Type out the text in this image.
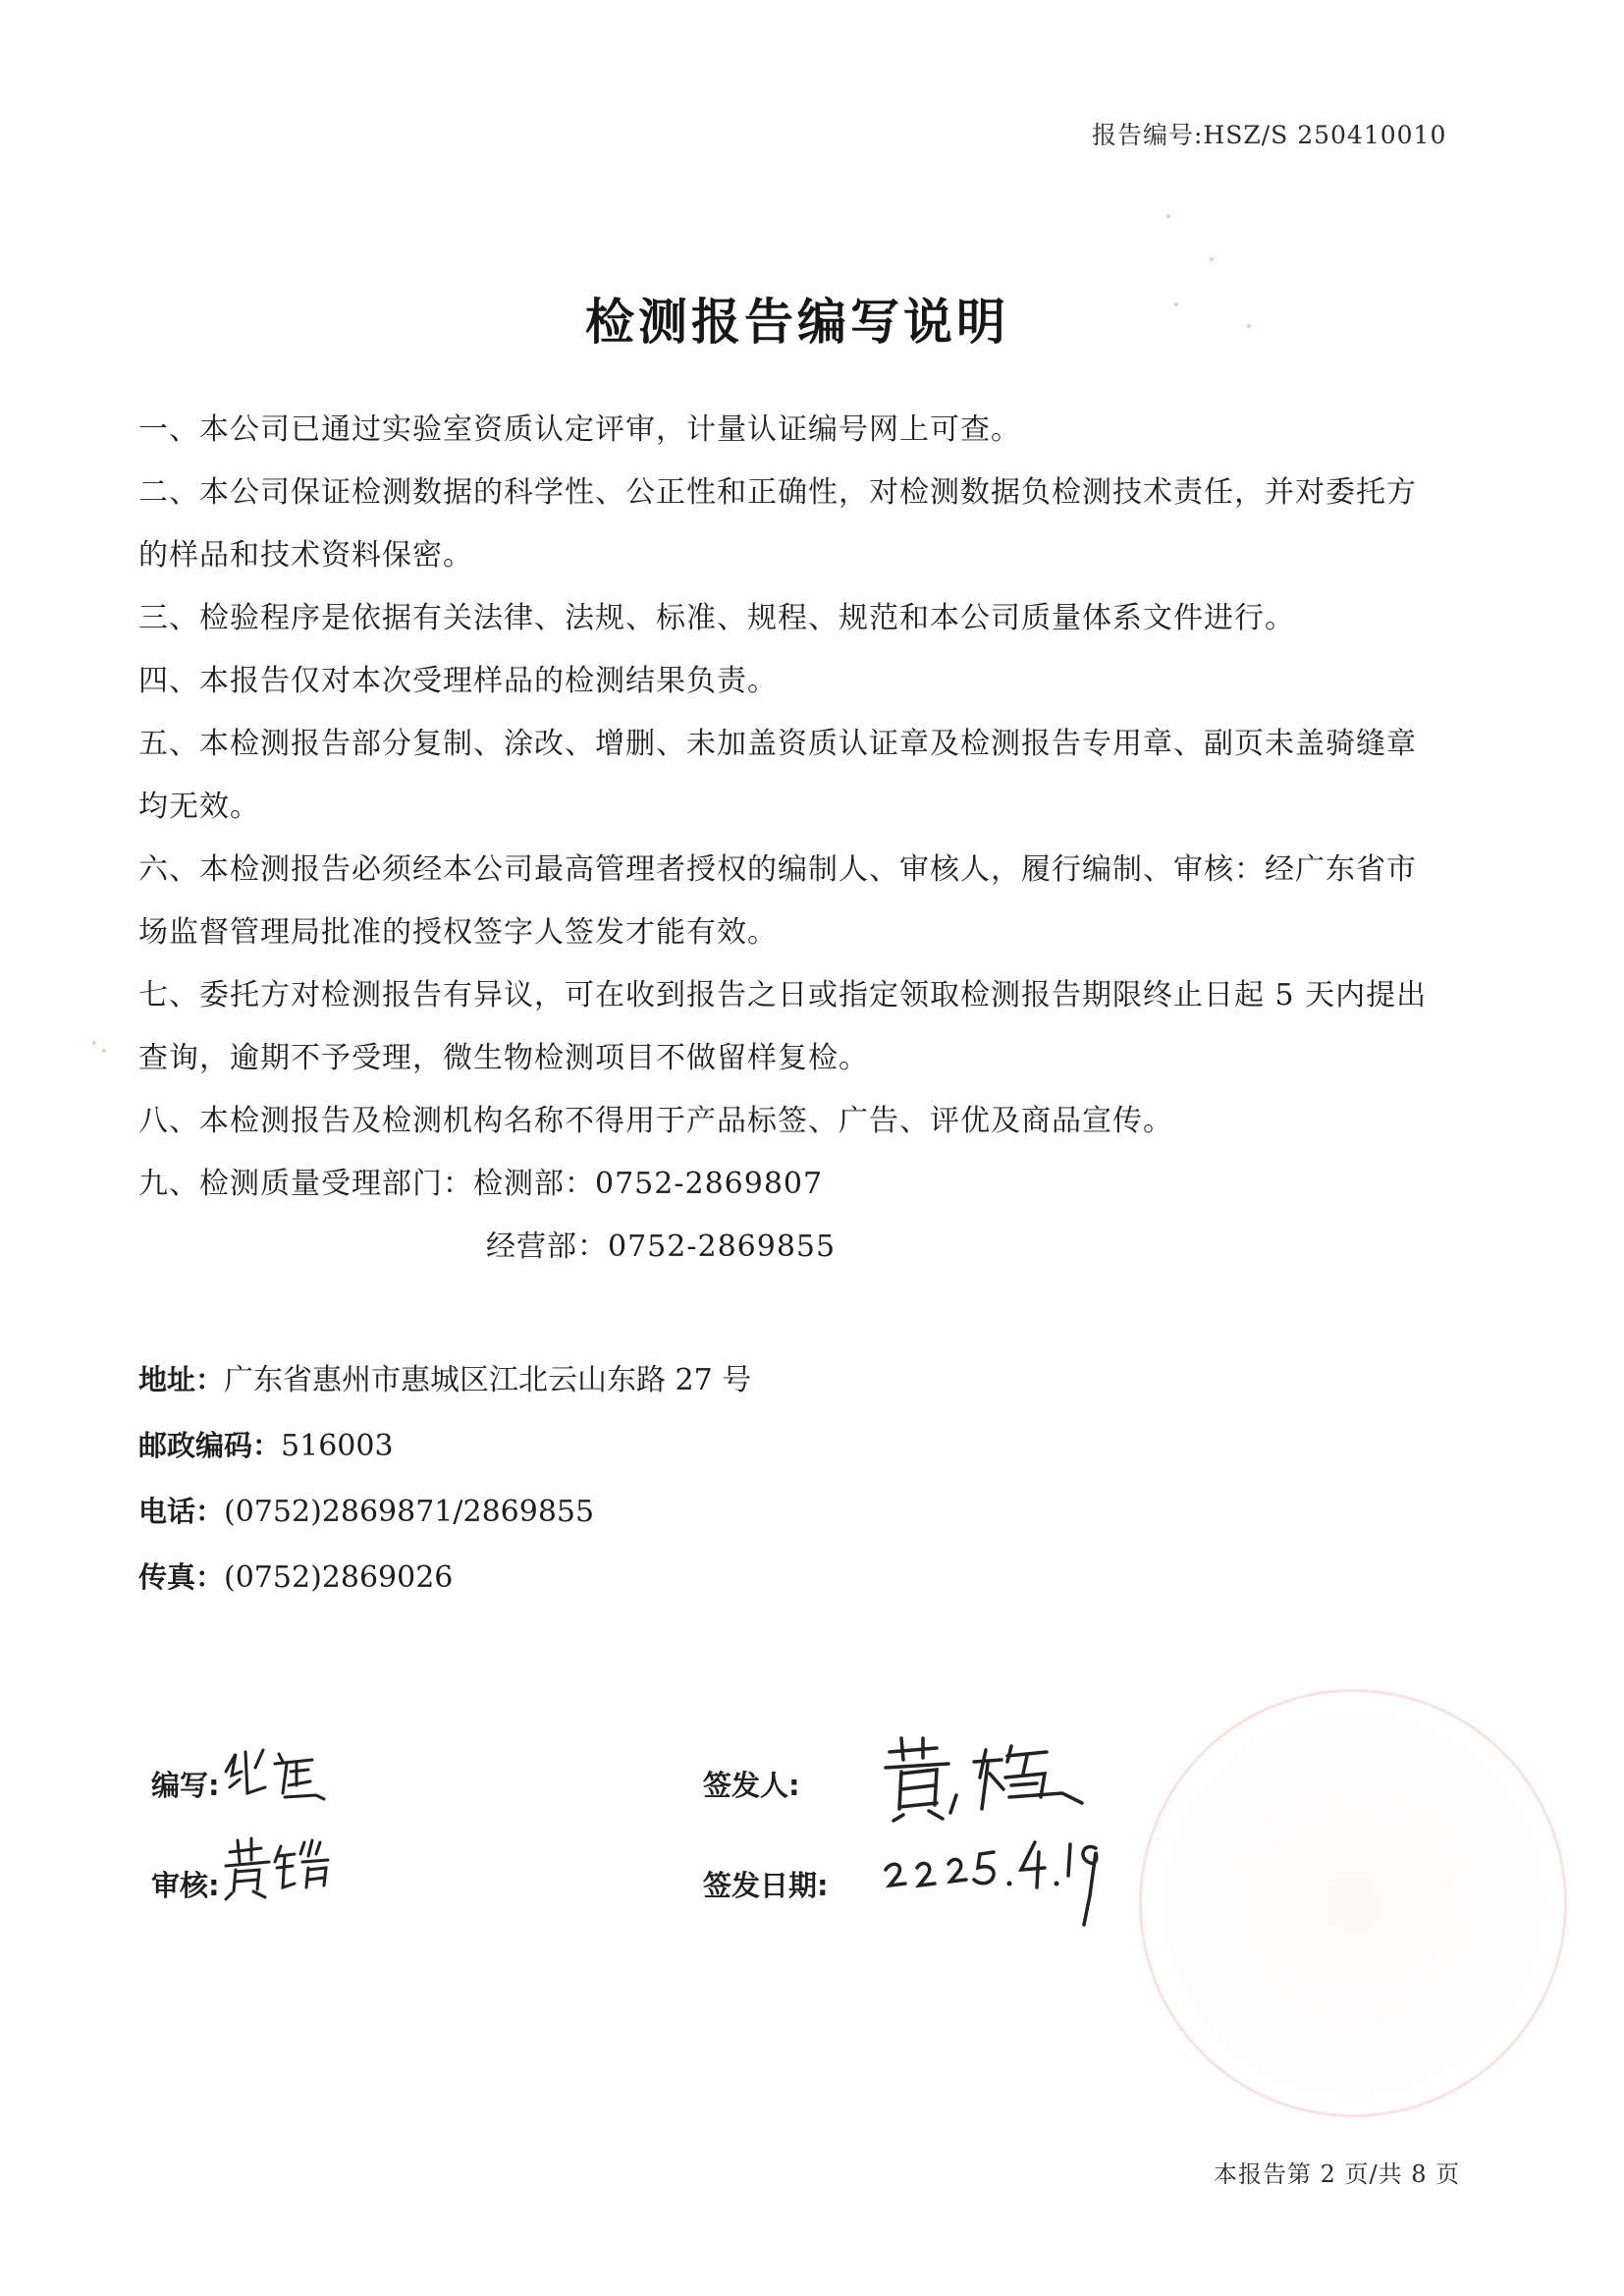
报告编号:HSZ/S 250410010
检测报告编写说明

一、本公司已通过实验室资质认定评审，计量认证编号网上可查。

二、本公司保证检测数据的科学性、公正性和正确性，对检测数据负检测技术责任，并对委托方的样品和技术资料保密。

三、检验程序是依据有关法律、法规、标准、规程、规范和本公司质量体系文件进行。

四、本报告仅对本次受理样品的检测结果负责。

五、本检测报告部分复制、涂改、增删、未加盖资质认证章及检测报告专用章、副页未盖骑缝章均无效。

六、本检测报告必须经本公司最高管理者授权的编制人、审核人，履行编制、审核：经广东省市场监督管理局批准的授权签字人签发才能有效。

七、委托方对检测报告有异议，可在收到报告之日或指定领取检测报告期限终止日起 5 天内提出查询，逾期不予受理，微生物检测项目不做留样复检。

八、本检测报告及检测机构名称不得用于产品标签、广告、评优及商品宣传。

九、检测质量受理部门：检测部：0752-2869807

经营部：0752-2869855

地址：广东省惠州市惠城区江北云山东路 27 号

邮政编码：516003

电话：(0752)2869871/2869855

传真：(0752)2869026

编写:
审核:
签发人:
签发日期:
本报告第 2 页/共 8 页
